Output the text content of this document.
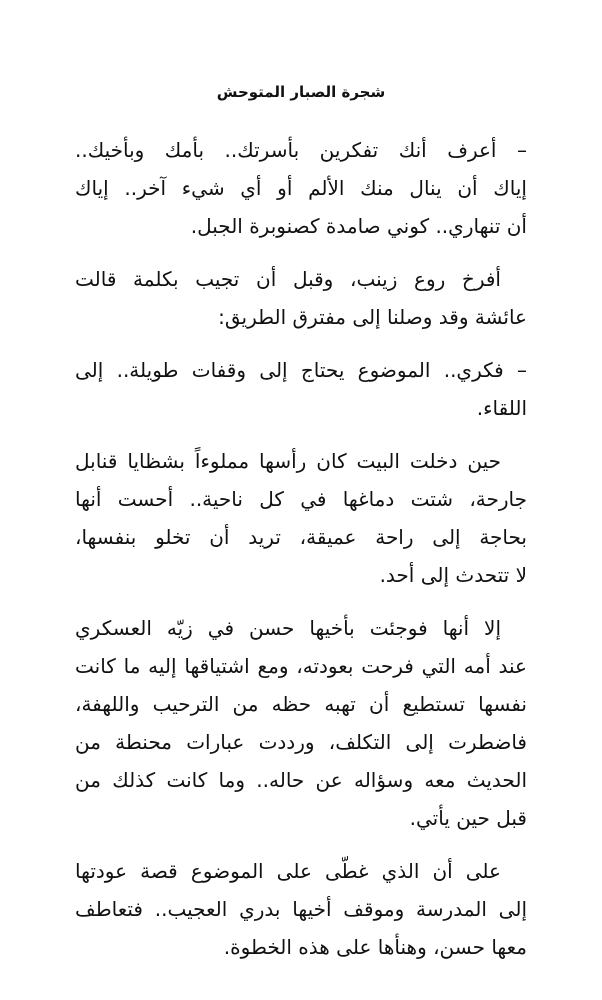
شجرة الصبار المتوحش
– أعرف أنك تفكرين بأسرتك.. بأمك وبأخيك..
إياك أن ينال منك الألم أو أي شيء آخر.. إياك
أن تنهاري.. كوني صامدة كصنوبرة الجبل.
أفرخ روع زينب، وقبل أن تجيب بكلمة قالت
عائشة وقد وصلنا إلى مفترق الطريق:
– فكري.. الموضوع يحتاج إلى وقفات طويلة.. إلى
اللقاء.
حين دخلت البيت كان رأسها مملوءاً بشظايا قنابل
جارحة، شتت دماغها في كل ناحية.. أحست أنها
بحاجة إلى راحة عميقة، تريد أن تخلو بنفسها،
لا تتحدث إلى أحد.
إلا أنها فوجئت بأخيها حسن في زيّه العسكري
عند أمه التي فرحت بعودته، ومع اشتياقها إليه ما كانت
نفسها تستطيع أن تهبه حظه من الترحيب واللهفة،
فاضطرت إلى التكلف، ورددت عبارات محنطة من
الحديث معه وسؤاله عن حاله.. وما كانت كذلك من
قبل حين يأتي.
على أن الذي غطّى على الموضوع قصة عودتها
إلى المدرسة وموقف أخيها بدري العجيب.. فتعاطف
معها حسن، وهنأها على هذه الخطوة.
